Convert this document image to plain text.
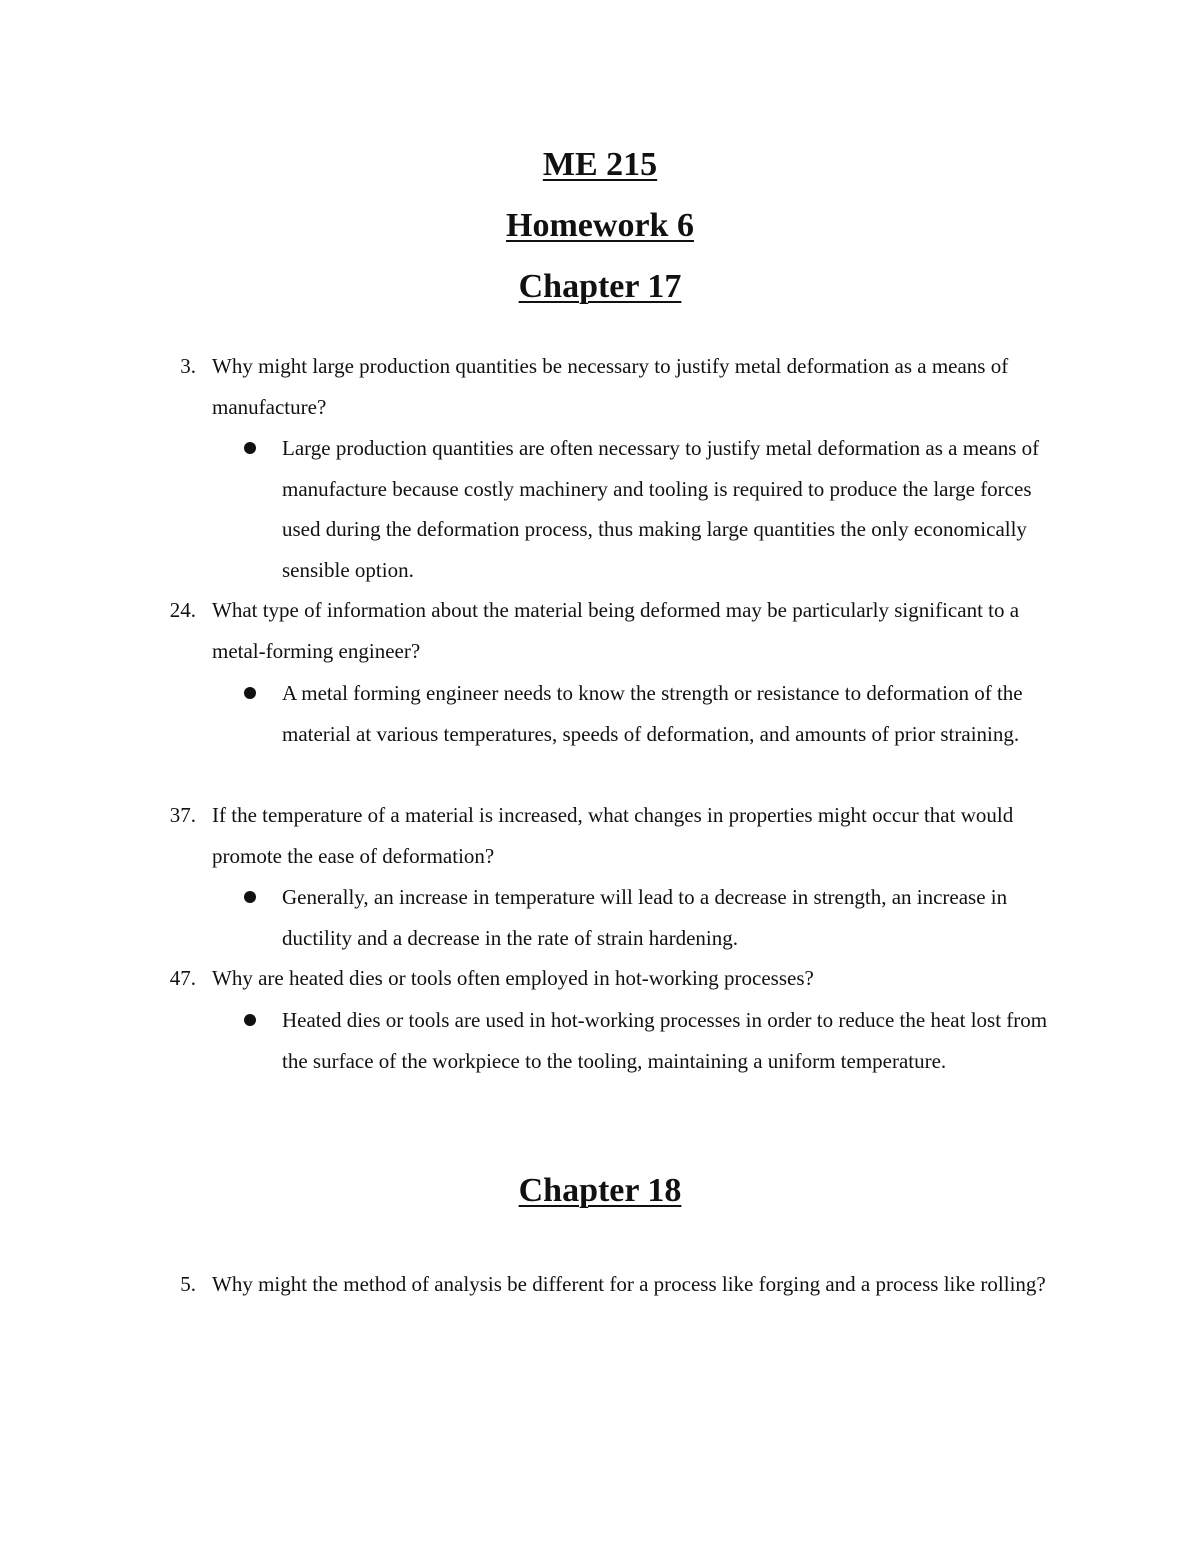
ME 215
Homework 6
Chapter 17
3. Why might large production quantities be necessary to justify metal deformation as a means of manufacture?

Large production quantities are often necessary to justify metal deformation as a means of manufacture because costly machinery and tooling is required to produce the large forces used during the deformation process, thus making large quantities the only economically sensible option.

24. What type of information about the material being deformed may be particularly significant to a metal-forming engineer?

A metal forming engineer needs to know the strength or resistance to deformation of the material at various temperatures, speeds of deformation, and amounts of prior straining.

37. If the temperature of a material is increased, what changes in properties might occur that would promote the ease of deformation?

Generally, an increase in temperature will lead to a decrease in strength, an increase in ductility and a decrease in the rate of strain hardening.

47. Why are heated dies or tools often employed in hot-working processes?

Heated dies or tools are used in hot-working processes in order to reduce the heat lost from the surface of the workpiece to the tooling, maintaining a uniform temperature.

Chapter 18
5. Why might the method of analysis be different for a process like forging and a process like rolling?
